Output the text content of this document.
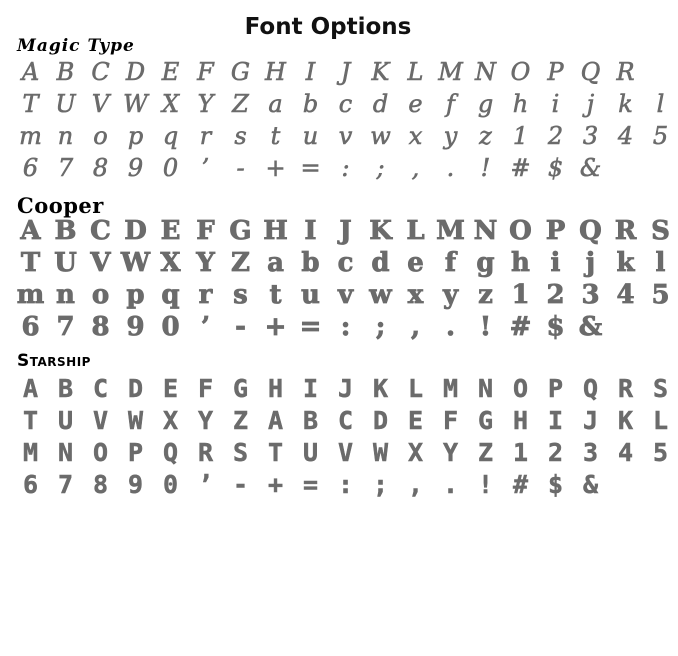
Font Options
Magic Type
A B C D E F G H I	J K L M N O P Q R
T U V W X Y Z a b c d e f g h i	j	k l
m n o p q r s	t u v w x y z 1 2 3 4 5
6 7 8 9 0 ’	- + = :	;	,	.	! # $ &
Cooper
A B C D E F G H I J K L M N O P Q R S
T U V W X Y Z a b c d e f g h i j k l
m n o p q r s t u v w x y z 1 2 3 4 5
6 7 8 9 0 ’ - + = : ; , . ! # $ &
Starship
A B C D E F G H I J K L M N O P Q R S
T U V W X Y Z A B C D E F G H I J K L
M N O P Q R S T U V W X Y Z 1 2 3 4 5
6 7 8 9 0 ’ - + = : ; , . ! # $ &
